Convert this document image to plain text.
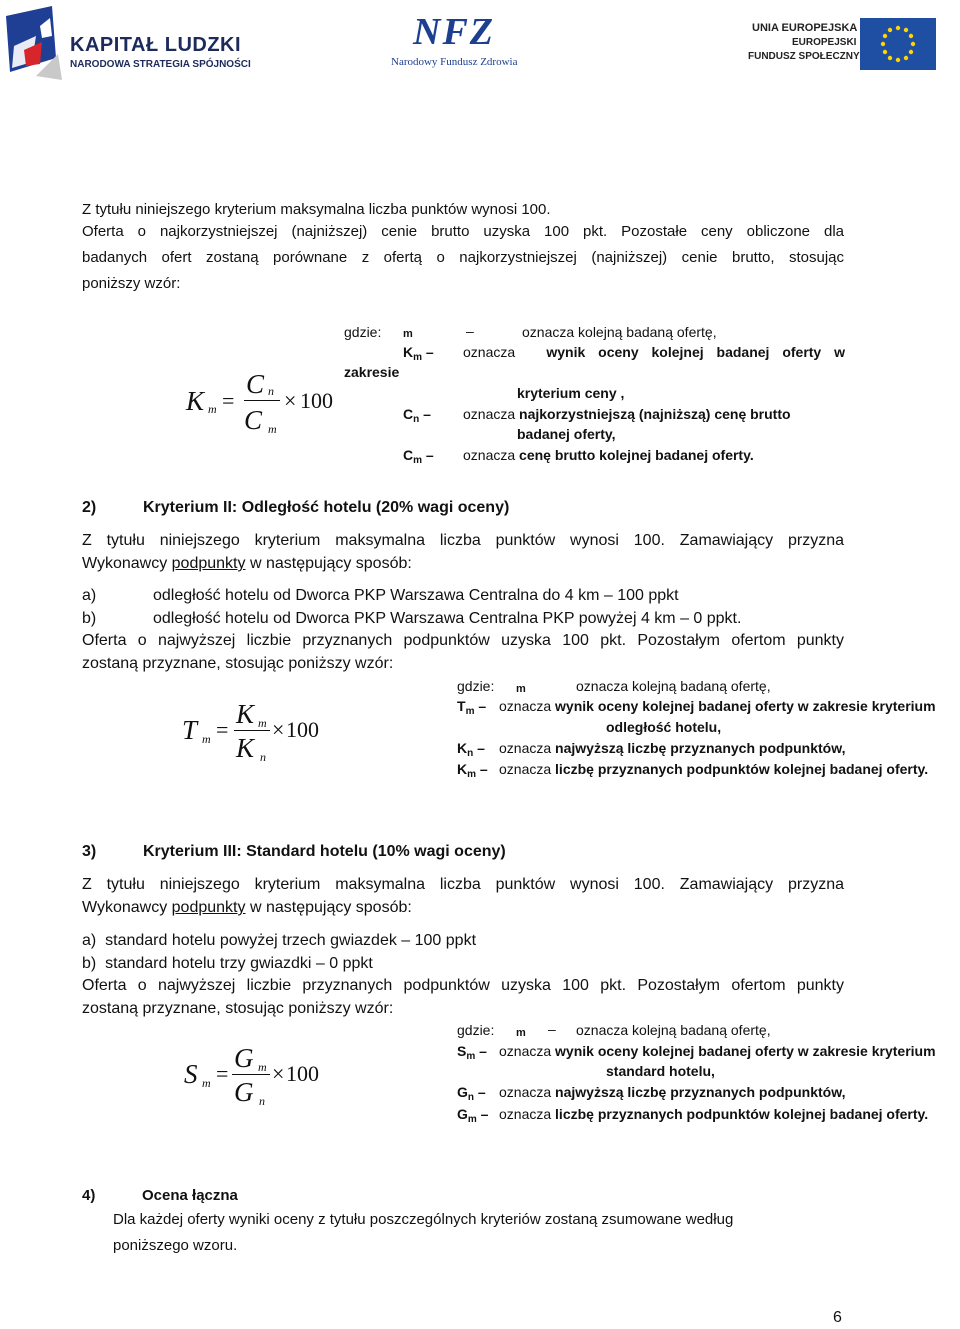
KAPITAŁ LUDZKI
NARODOWA STRATEGIA SPÓJNOŚCI
NFZ
Narodowy Fundusz Zdrowia
UNIA EUROPEJSKA
EUROPEJSKI
FUNDUSZ SPOŁECZNY
Z tytułu niniejszego kryterium maksymalna liczba punktów wynosi 100.
Oferta o najkorzystniejszej (najniższej) cenie brutto uzyska 100 pkt. Pozostałe ceny obliczone dla
badanych ofert zostaną porównane z ofertą o najkorzystniejszej (najniższej) cenie brutto, stosując
poniższy wzór:
K m =
C n
C m
× 100
gdzie: m	–	oznacza kolejną badaną ofertę,
$K_m$ – oznacza wynik oceny kolejnej badanej oferty w
zakresie
kryterium ceny ,
$C_n$ – oznacza najkorzystniejszą (najniższą) cenę brutto
badanej oferty,
$C_m$ – oznacza cenę brutto kolejnej badanej oferty.
2)	Kryterium II: Odległość hotelu (20% wagi oceny)
Z tytułu niniejszego kryterium maksymalna liczba punktów wynosi 100. Zamawiający przyzna
Wykonawcy podpunkty w następujący sposób:
a)	odległość hotelu od Dworca PKP Warszawa Centralna do 4 km – 100 ppkt
b)	odległość hotelu od Dworca PKP Warszawa Centralna PKP powyżej 4 km – 0 ppkt.
Oferta o najwyższej liczbie przyznanych podpunktów uzyska 100 pkt. Pozostałym ofertom punkty
zostaną przyznane, stosując poniższy wzór:
T m =
K m
K n
× 100
gdzie: m	oznacza kolejną badaną ofertę,
$T_m$ – oznacza wynik oceny kolejnej badanej oferty w zakresie kryterium
odległość hotelu,
$K_n$ – oznacza najwyższą liczbę przyznanych podpunktów,
$K_m$ – oznacza liczbę przyznanych podpunktów kolejnej badanej oferty.
3)	Kryterium III: Standard hotelu (10% wagi oceny)
Z tytułu niniejszego kryterium maksymalna liczba punktów wynosi 100. Zamawiający przyzna
Wykonawcy podpunkty w następujący sposób:
a)  standard hotelu powyżej trzech gwiazdek – 100 ppkt
b)  standard hotelu trzy gwiazdki – 0 ppkt
Oferta o najwyższej liczbie przyznanych podpunktów uzyska 100 pkt. Pozostałym ofertom punkty
zostaną przyznane, stosując poniższy wzór:
S m =
G m
G n
× 100
gdzie: m – oznacza kolejną badaną ofertę,
$S_m$ – oznacza wynik oceny kolejnej badanej oferty w zakresie kryterium
standard hotelu,
$G_n$ – oznacza najwyższą liczbę przyznanych podpunktów,
$G_m$ – oznacza liczbę przyznanych podpunktów kolejnej badanej oferty.
4)	Ocena łączna
Dla każdej oferty wyniki oceny z tytułu poszczególnych kryteriów zostaną zsumowane według
poniższego wzoru.
6
